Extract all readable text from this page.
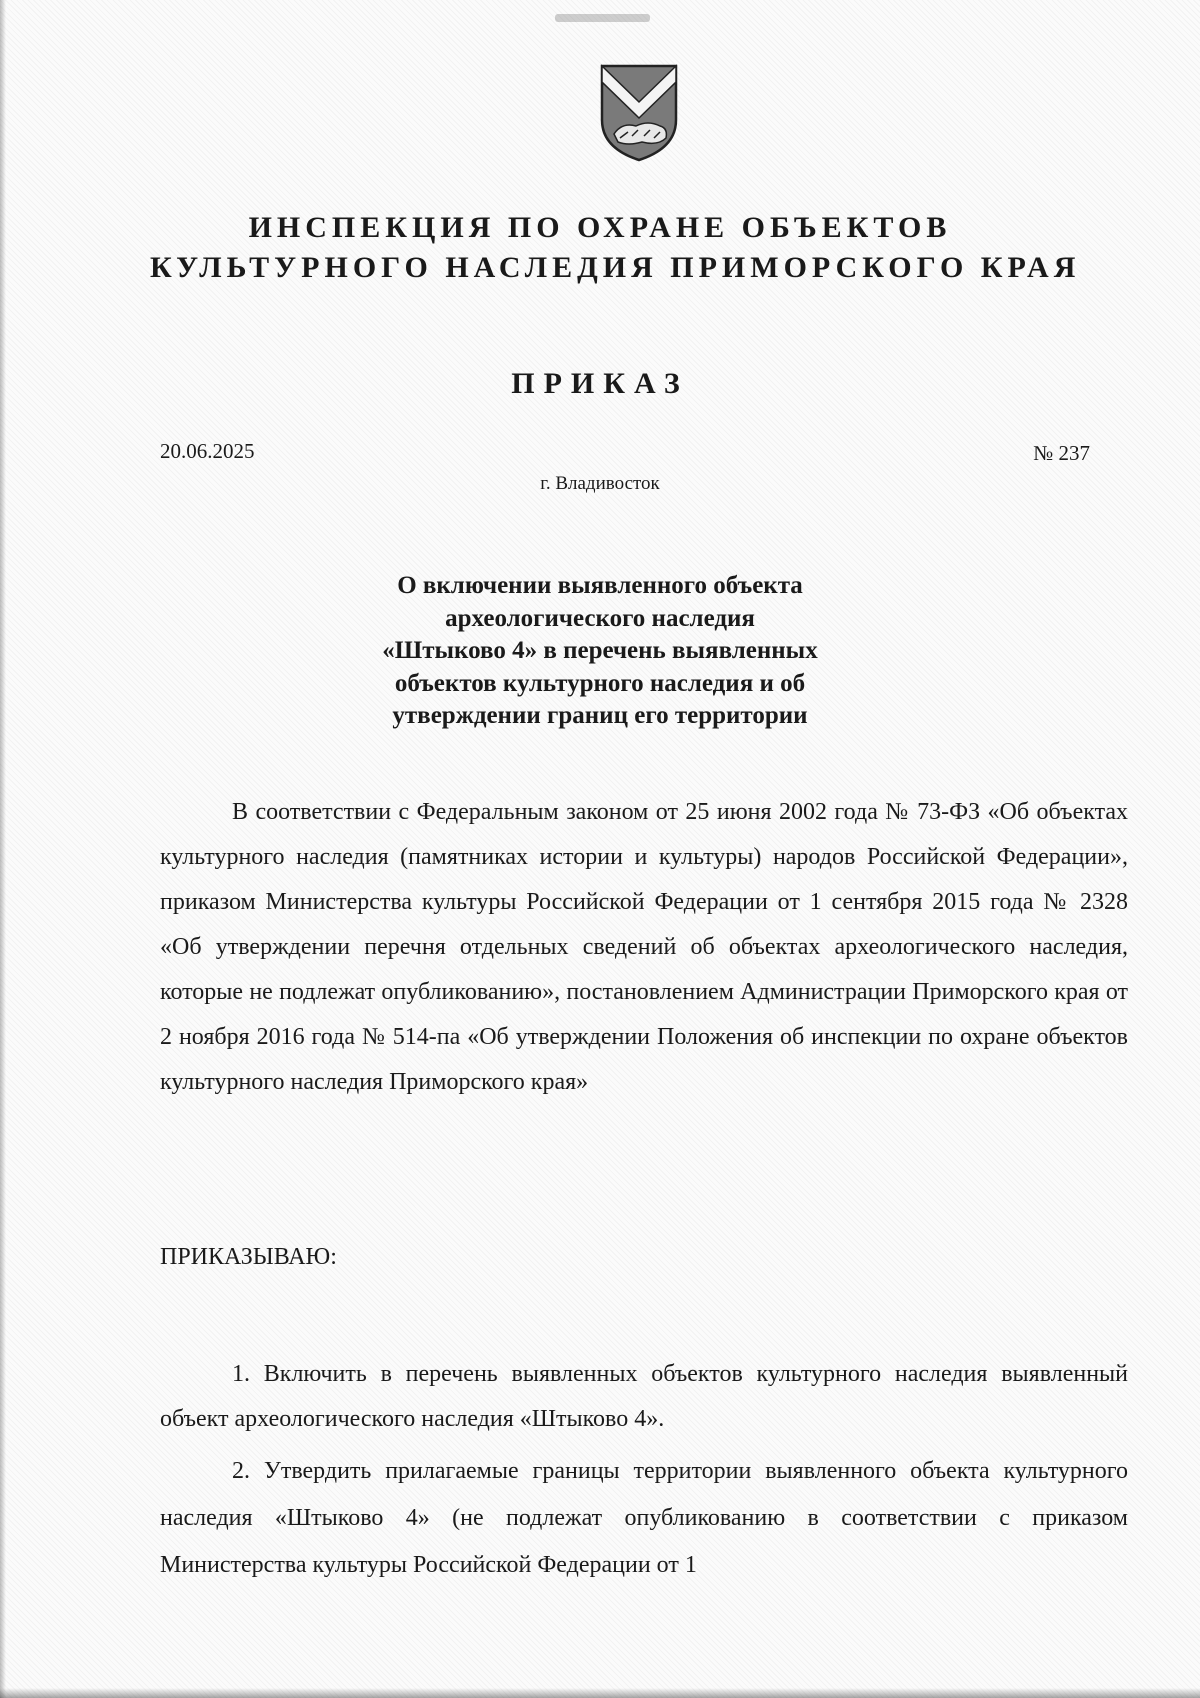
ИНСПЕКЦИЯ ПО ОХРАНЕ ОБЪЕКТОВ
КУЛЬТУРНОГО НАСЛЕДИЯ ПРИМОРСКОГО КРАЯ
ПРИКАЗ
20.06.2025	№ 237
г. Владивосток
О включении выявленного объекта
археологического наследия
«Штыково 4» в перечень выявленных
объектов культурного наследия и об
утверждении границ его территории

В соответствии с Федеральным законом от 25 июня 2002 года № 73-ФЗ «Об объектах культурного наследия (памятниках истории и культуры) народов Российской Федерации», приказом Министерства культуры Российской Федерации от 1 сентября 2015 года № 2328 «Об утверждении перечня отдельных сведений об объектах археологического наследия, которые не подлежат опубликованию», постановлением Администрации Приморского края от 2 ноября 2016 года № 514-па «Об утверждении Положения об инспекции по охране объектов культурного наследия Приморского края»

ПРИКАЗЫВАЮ:

1. Включить в перечень выявленных объектов культурного наследия выявленный объект археологического наследия «Штыково 4».

2. Утвердить прилагаемые границы территории выявленного объекта культурного наследия «Штыково 4» (не подлежат опубликованию в соответствии с приказом Министерства культуры Российской Федерации от 1
